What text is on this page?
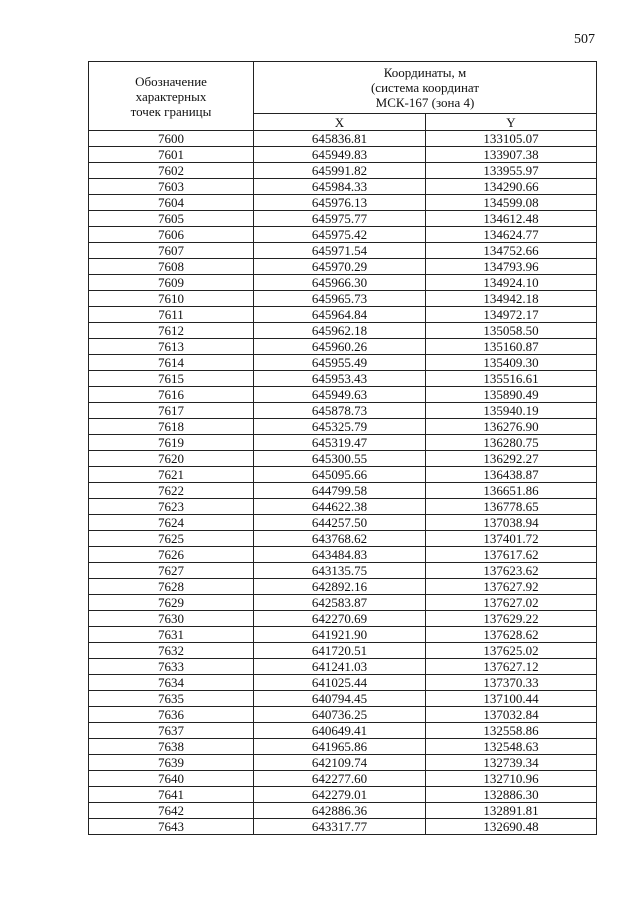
507
Обозначение
характерных
точек границы	Координаты, м
(система координат
МСК-167 (зона 4)	

	X	Y
7600	645836.81	133105.07
7601	645949.83	133907.38
7602	645991.82	133955.97
7603	645984.33	134290.66
7604	645976.13	134599.08
7605	645975.77	134612.48
7606	645975.42	134624.77
7607	645971.54	134752.66
7608	645970.29	134793.96
7609	645966.30	134924.10
7610	645965.73	134942.18
7611	645964.84	134972.17
7612	645962.18	135058.50
7613	645960.26	135160.87
7614	645955.49	135409.30
7615	645953.43	135516.61
7616	645949.63	135890.49
7617	645878.73	135940.19
7618	645325.79	136276.90
7619	645319.47	136280.75
7620	645300.55	136292.27
7621	645095.66	136438.87
7622	644799.58	136651.86
7623	644622.38	136778.65
7624	644257.50	137038.94
7625	643768.62	137401.72
7626	643484.83	137617.62
7627	643135.75	137623.62
7628	642892.16	137627.92
7629	642583.87	137627.02
7630	642270.69	137629.22
7631	641921.90	137628.62
7632	641720.51	137625.02
7633	641241.03	137627.12
7634	641025.44	137370.33
7635	640794.45	137100.44
7636	640736.25	137032.84
7637	640649.41	132558.86
7638	641965.86	132548.63
7639	642109.74	132739.34
7640	642277.60	132710.96
7641	642279.01	132886.30
7642	642886.36	132891.81
7643	643317.77	132690.48
